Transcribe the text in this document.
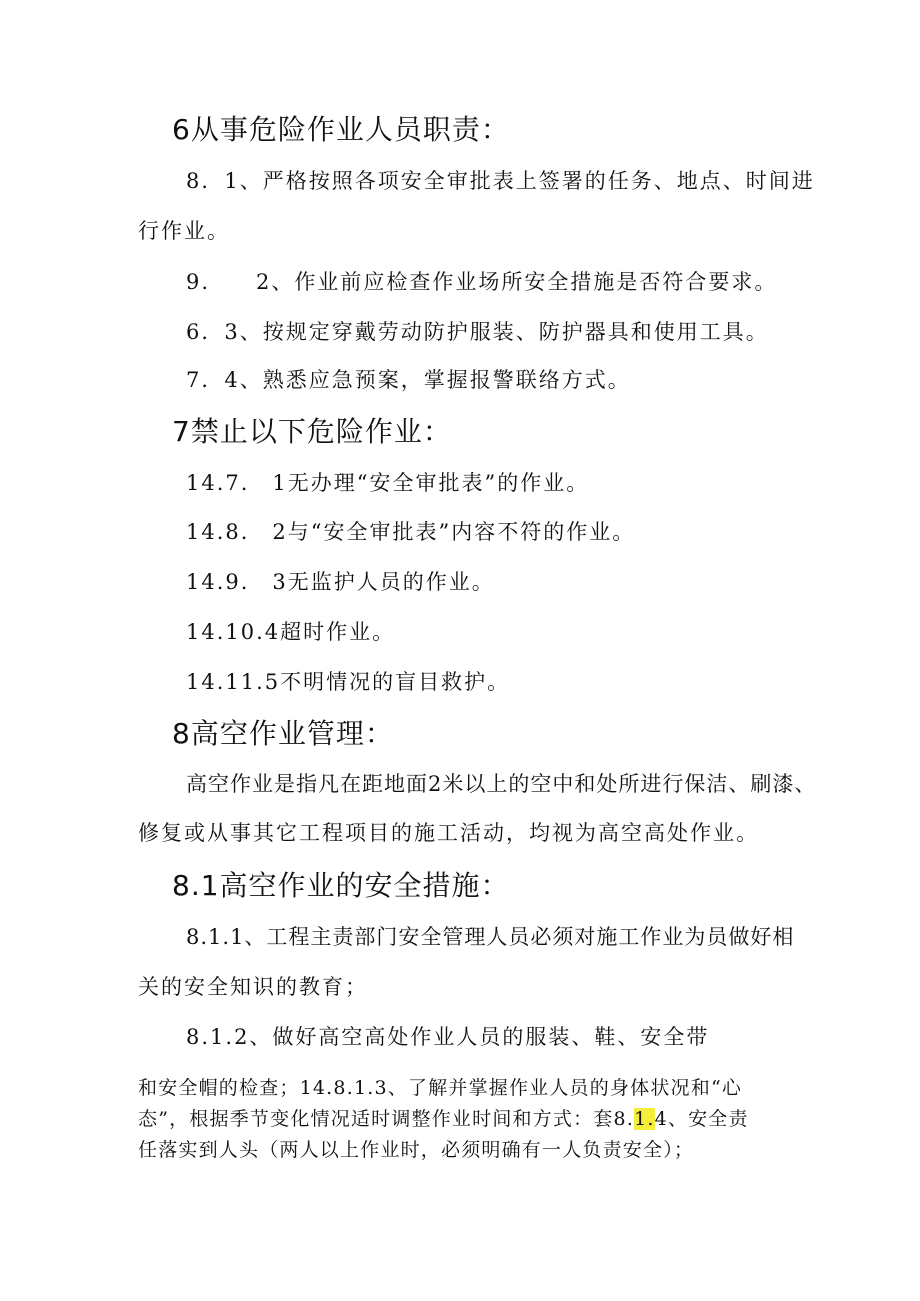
6从事危险作业人员职责：
8．1、严格按照各项安全审批表上签署的任务、地点、时间进
行作业。
9.　　2、作业前应检查作业场所安全措施是否符合要求。
6．3、按规定穿戴劳动防护服装、防护器具和使用工具。
7．4、熟悉应急预案，掌握报警联络方式。
7禁止以下危险作业：
14.7.　1无办理“安全审批表”的作业。
14.8.　2与“安全审批表”内容不符的作业。
14.9.　3无监护人员的作业。
14.10.4超时作业。
14.11.5不明情况的盲目救护。
8高空作业管理：
高空作业是指凡在距地面2米以上的空中和处所进行保洁、刷漆、
修复或从事其它工程项目的施工活动，均视为高空高处作业。
8.1高空作业的安全措施：
8.1.1、工程主责部门安全管理人员必须对施工作业为员做好相
关的安全知识的教育；
8.1.2、做好高空高处作业人员的服装、鞋、安全带
和安全帽的检查；14.8.1.3、了解并掌握作业人员的身体状况和“心
态”，根据季节变化情况适时调整作业时间和方式：套8.1.4、安全责
任落实到人头（两人以上作业时，必须明确有一人负责安全）；
